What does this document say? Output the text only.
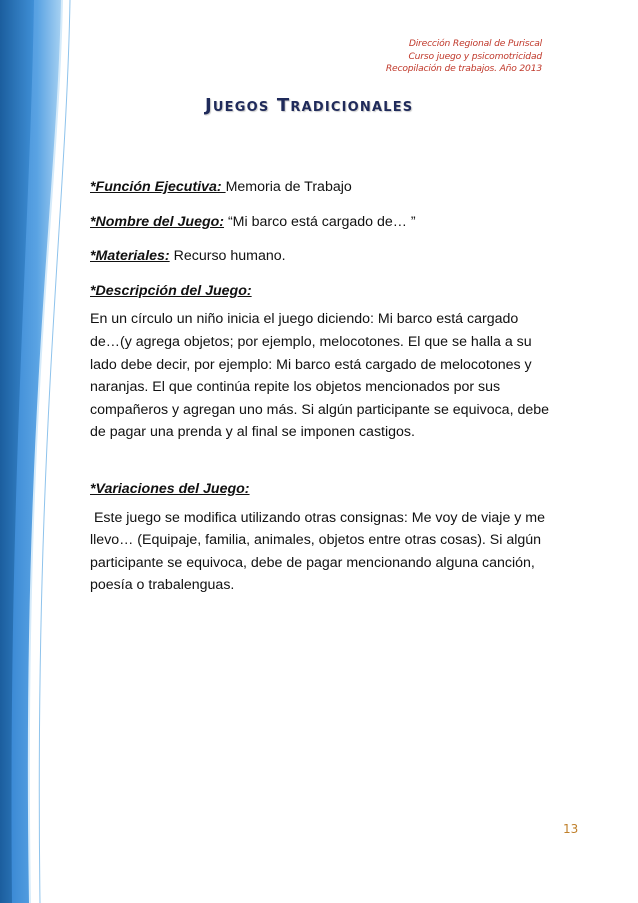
Dirección Regional de Puriscal
Curso juego y psicomotricidad
Recopilación de trabajos. Año 2013
Juegos Tradicionales

*Función Ejecutiva: Memoria de Trabajo

*Nombre del Juego: “Mi barco está cargado de… ”

*Materiales: Recurso humano.

*Descripción del Juego:

En un círculo un niño inicia el juego diciendo: Mi barco está cargado

de…(y agrega objetos; por ejemplo, melocotones. El que se halla a su

lado debe decir, por ejemplo: Mi barco está cargado de melocotones y

naranjas. El que continúa repite los objetos mencionados por sus

compañeros y agregan uno más. Si algún participante se equivoca, debe

de pagar una prenda y al final se imponen castigos.

*Variaciones del Juego:

Este juego se modifica utilizando otras consignas: Me voy de viaje y me

llevo… (Equipaje, familia, animales, objetos entre otras cosas). Si algún

participante se equivoca, debe de pagar mencionando alguna canción,

poesía o trabalenguas.

13
